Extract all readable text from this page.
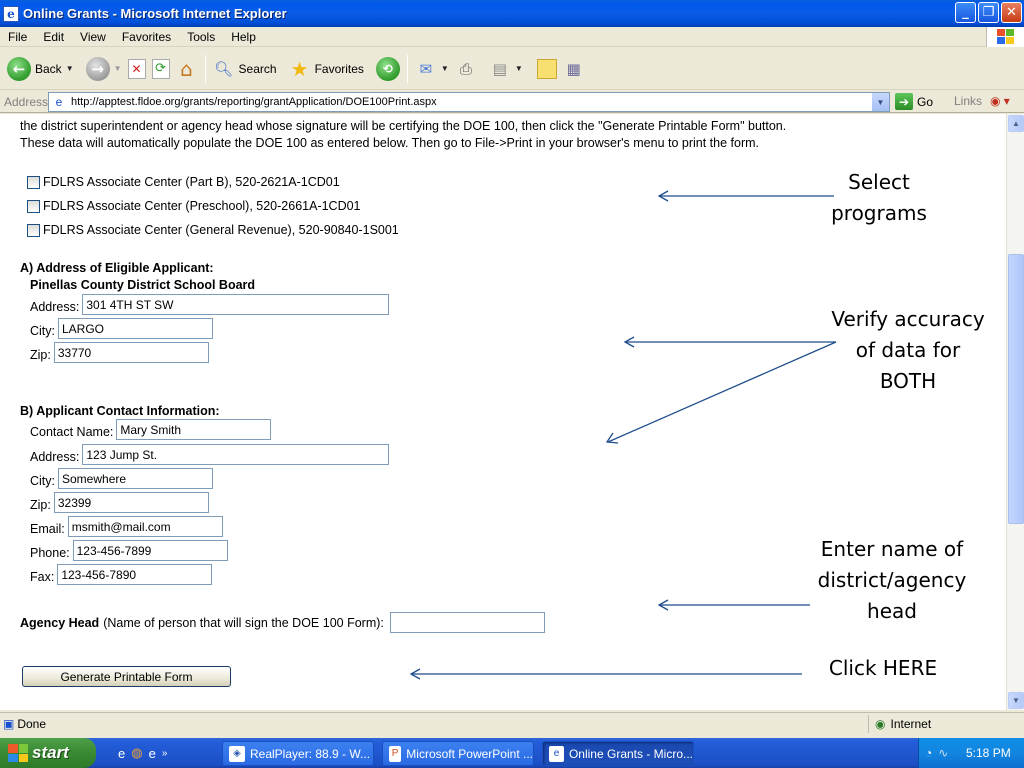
e Online Grants - Microsoft Internet Explorer	_	❐ ✕
File	Edit	View	Favorites	Tools	Help
← Back ▼	→	▼ ✕	⟳ ⌂	🔍︎ Search ★ Favorites	⟲	✉	▼ ⎙	▤ ▼	▦
Address e http://apptest.fldoe.org/grants/reporting/grantApplication/DOE100Print.aspx	▼	➔ Go Links ◉ ▾
the district superintendent or agency head whose signature will be certifying the DOE 100, then click the "Generate Printable Form" button.
These data will automatically populate the DOE 100 as entered below. Then go to File->Print in your browser's menu to print the form.
FDLRS Associate Center (Part B), 520-2621A-1CD01
FDLRS Associate Center (Preschool), 520-2661A-1CD01
FDLRS Associate Center (General Revenue), 520-90840-1S001
A) Address of Eligible Applicant:
Pinellas County District School Board
Address: 301 4TH ST SW
City: LARGO
Zip: 33770
B) Applicant Contact Information:
Contact Name: Mary Smith
Address: 123 Jump St.
City: Somewhere
Zip: 32399
Email: msmith@mail.com
Phone: 123-456-7899
Fax: 123-456-7890
Agency Head (Name of person that will sign the DOE 100 Form):
Generate Printable Form
Select
programs
Verify accuracy
of data for
BOTH
Enter name of
district/agency
head
Click HERE
▲
▼
▣ Done	◉ Internet
start	e ◍ e »	◈ RealPlayer: 88.9 - W... P Microsoft PowerPoint ...	e Online Grants - Micro...	◔ ∿ 5:18 PM
